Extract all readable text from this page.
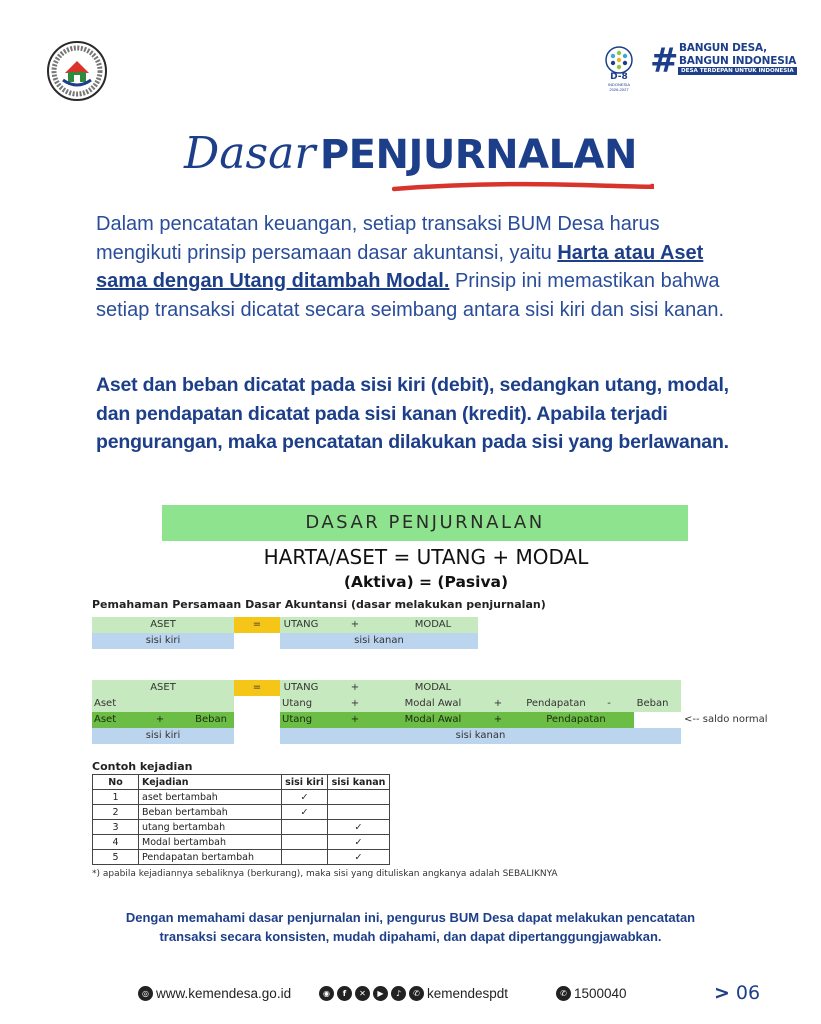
D-8
INDONESIA
2026-2027
# BANGUN DESA,
BANGUN INDONESIA
DESA TERDEPAN UNTUK INDONESIA
Dasar PENJURNALAN

Dalam pencatatan keuangan, setiap transaksi BUM Desa harus mengikuti prinsip persamaan dasar akuntansi, yaitu Harta atau Aset sama dengan Utang ditambah Modal. Prinsip ini memastikan bahwa setiap transaksi dicatat secara seimbang antara sisi kiri dan sisi kanan.

Aset dan beban dicatat pada sisi kiri (debit), sedangkan utang, modal, dan pendapatan dicatat pada sisi kanan (kredit). Apabila terjadi pengurangan, maka pencatatan dilakukan pada sisi yang berlawanan.

DASAR PENJURNALAN
HARTA/ASET = UTANG + MODAL
(Aktiva) = (Pasiva)
Pemahaman Persamaan Dasar Akuntansi (dasar melakukan penjurnalan)
ASET	=	UTANG	+	MODAL
sisi kiri	sisi kanan
ASET	=	UTANG	+	MODAL
Aset	Utang	+	Modal Awal	+	Pendapatan	-	Beban
Aset	+	Beban	Utang	+	Modal Awal	+	Pendapatan	<-- saldo normal
sisi kiri	sisi kanan
Contoh kejadian
No	Kejadian	sisi kiri	sisi kanan
1	aset bertambah	✓	
2	Beban bertambah	✓	
3	utang bertambah		✓
4	Modal bertambah		✓
5	Pendapatan bertambah		✓
*) apabila kejadiannya sebaliknya (berkurang), maka sisi yang dituliskan angkanya adalah SEBALIKNYA

Dengan memahami dasar penjurnalan ini, pengurus BUM Desa dapat melakukan pencatatan transaksi secara konsisten, mudah dipahami, dan dapat dipertanggungjawabkan.

◎ www.kemendesa.go.id	◉	f	✕	▶	♪	✆ kemendespdt	✆ 1500040	> 06
